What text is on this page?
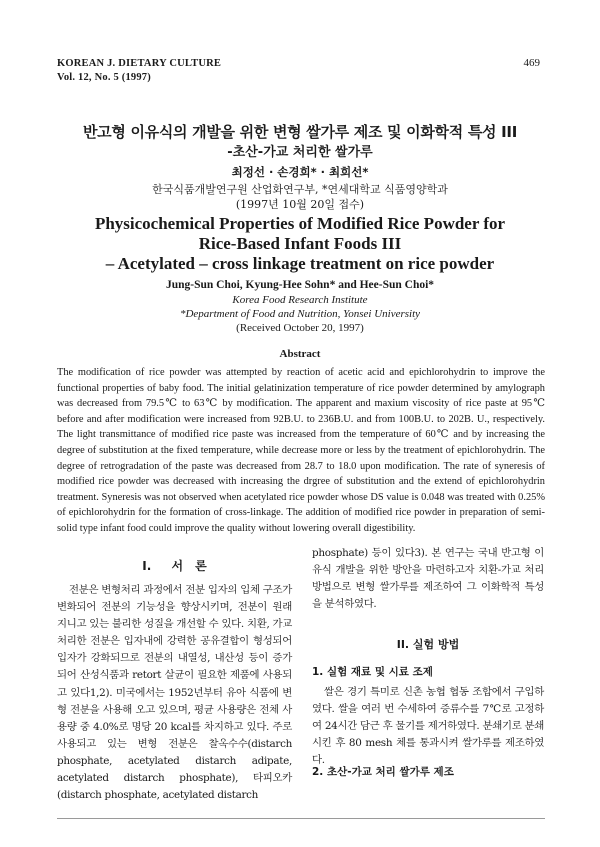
KOREAN J. DIETARY CULTURE
Vol. 12, No. 5 (1997)
469
반고형 이유식의 개발을 위한 변형 쌀가루 제조 및 이화학적 특성 III
-초산-가교 처리한 쌀가루
최정선 · 손경희* · 최희선*
한국식품개발연구원 산업화연구부, *연세대학교 식품영양학과
(1997년 10월 20일 접수)
Physicochemical Properties of Modified Rice Powder for
Rice-Based Infant Foods III
– Acetylated – cross linkage treatment on rice powder
Jung-Sun Choi, Kyung-Hee Sohn* and Hee-Sun Choi*
Korea Food Research Institute
*Department of Food and Nutrition, Yonsei University
(Received October 20, 1997)
Abstract
The modification of rice powder was attempted by reaction of acetic acid and epichlorohydrin to improve the functional properties of baby food. The initial gelatinization temperature of rice powder determined by amylograph was decreased from 79.5℃ to 63℃ by modification. The apparent and maxium viscosity of rice paste at 95℃ before and after modification were increased from 92B.U. to 236B.U. and from 100B.U. to 202B. U., respectively. The light transmittance of modified rice paste was increased from the temperature of 60℃ and by increasing the degree of substitution at the fixed temperature, while decrease more or less by the treatment of epichlorohydrin. The degree of retrogradation of the paste was decreased from 28.7 to 18.0 upon modification. The rate of syneresis of modified rice powder was decreased with increasing the drgree of substitution and the extend of epichlorohydrin treatment. Syneresis was not observed when acetylated rice powder whose DS value is 0.048 was treated with 0.25% of epichlorohydrin for the formation of cross-linkage. The addition of modified rice powder in preparation of semi-solid type infant food could improve the quality without lowering overall digestibility.
I. 서　론
전분은 변형처리 과정에서 전분 입자의 입체 구조가 변화되어 전분의 기능성을 향상시키며, 전분이 원래 지니고 있는 불리한 성질을 개선할 수 있다. 치환, 가교 처리한 전분은 입자내에 강력한 공유결합이 형성되어 입자가 강화되므로 전분의 내열성, 내산성 등이 증가되어 산성식품과 retort 살균이 필요한 제품에 사용되고 있다1,2). 미국에서는 1952년부터 유아 식품에 변형 전분을 사용해 오고 있으며, 평균 사용량은 전체 사용량 중 4.0%로 명당 20 kcal를 차지하고 있다. 주로 사용되고 있는 변형 전분은 찰옥수수(distarch phosphate, acetylated distarch adipate, acetylated distarch phosphate), 타피오카(distarch phosphate, acetylated distarch
phosphate) 등이 있다3). 본 연구는 국내 반고형 이유식 개발을 위한 방안을 마련하고자 치환-가교 처리 방법으로 변형 쌀가루를 제조하여 그 이화학적 특성을 분석하였다.
II. 실험 방법
1. 실험 재료 및 시료 조제
쌀은 경기 특미로 신촌 농협 협동 조합에서 구입하였다. 쌀을 여러 번 수세하여 증류수를 7℃로 고정하여 24시간 담근 후 물기를 제거하였다. 분쇄기로 분쇄시킨 후 80 mesh 체를 통과시켜 쌀가루를 제조하였다.
2. 초산-가교 처리 쌀가루 제조
